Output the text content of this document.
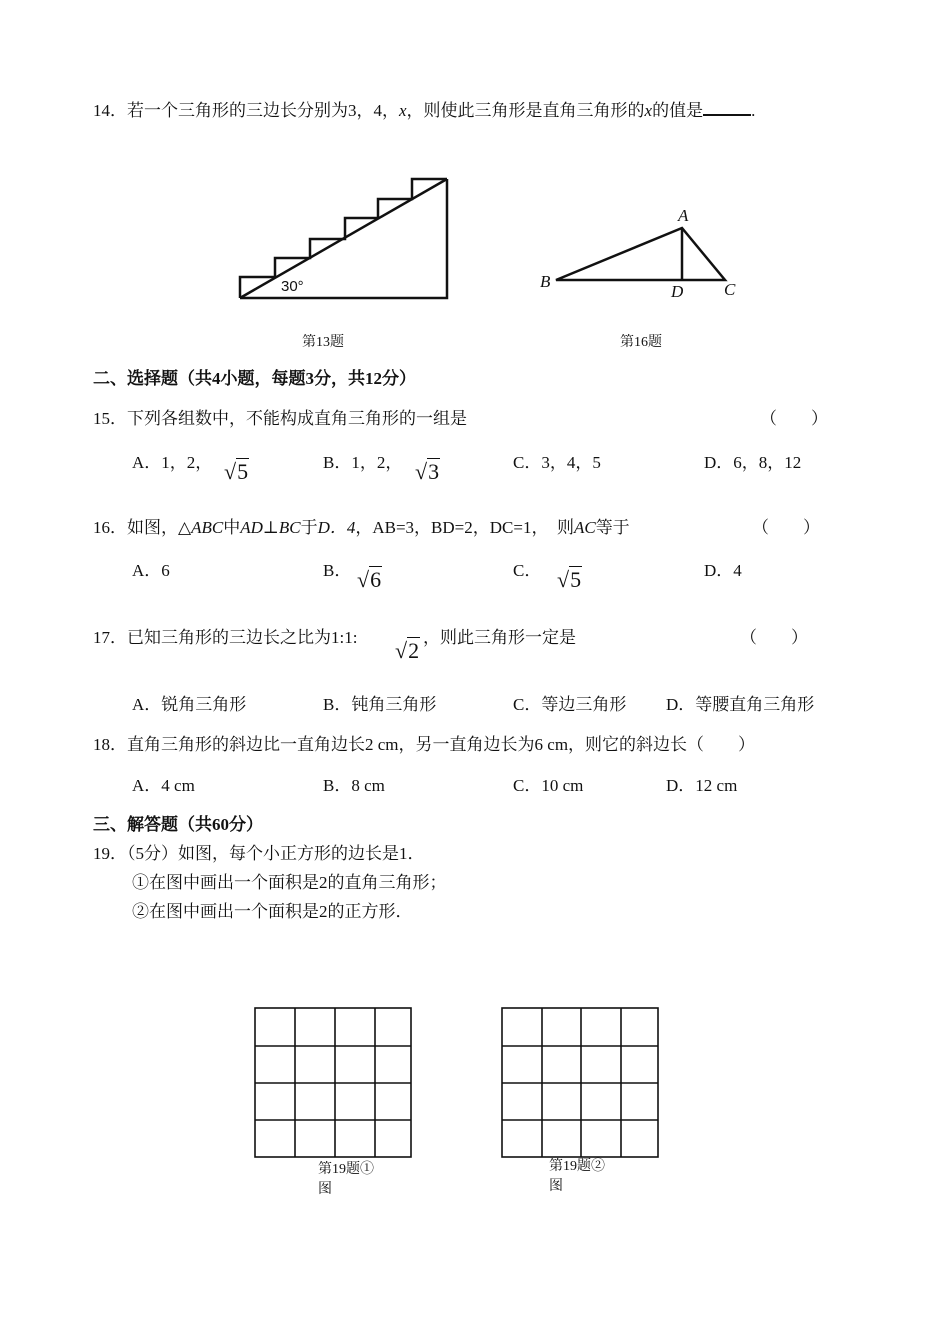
14．若一个三角形的三边长分别为3，4，x，则使此三角形是直角三角形的x的值是	.
30°
A
B	C
D
第13题	第16题
二、选择题（共4小题，每题3分，共12分）
15．下列各组数中，不能构成直角三角形的一组是	（　　）
A．1，2， √5	B．1，2， √3	C．3，4，5	D．6，8，12
16．如图，△ABC中AD⊥BC于D．4，AB=3，BD=2，DC=1，　则AC等于	（　　）
A．6	B． √6	C． √5	D．4
17．已知三角形的三边长之比为1:1:
√2
，则此三角形一定是	（　　）
A．锐角三角形	B．钝角三角形	C．等边三角形 D．等腰直角三角形
18．直角三角形的斜边比一直角边长2 cm，另一直角边长为6 cm，则它的斜边长（　　）
A．4 cm	B．8 cm	C．10 cm	D．12 cm
三、解答题（共60分）
19．（5分）如图，每个小正方形的边长是1．
①在图中画出一个面积是2的直角三角形；
②在图中画出一个面积是2的正方形．
第19题①
图
第19题②
图
